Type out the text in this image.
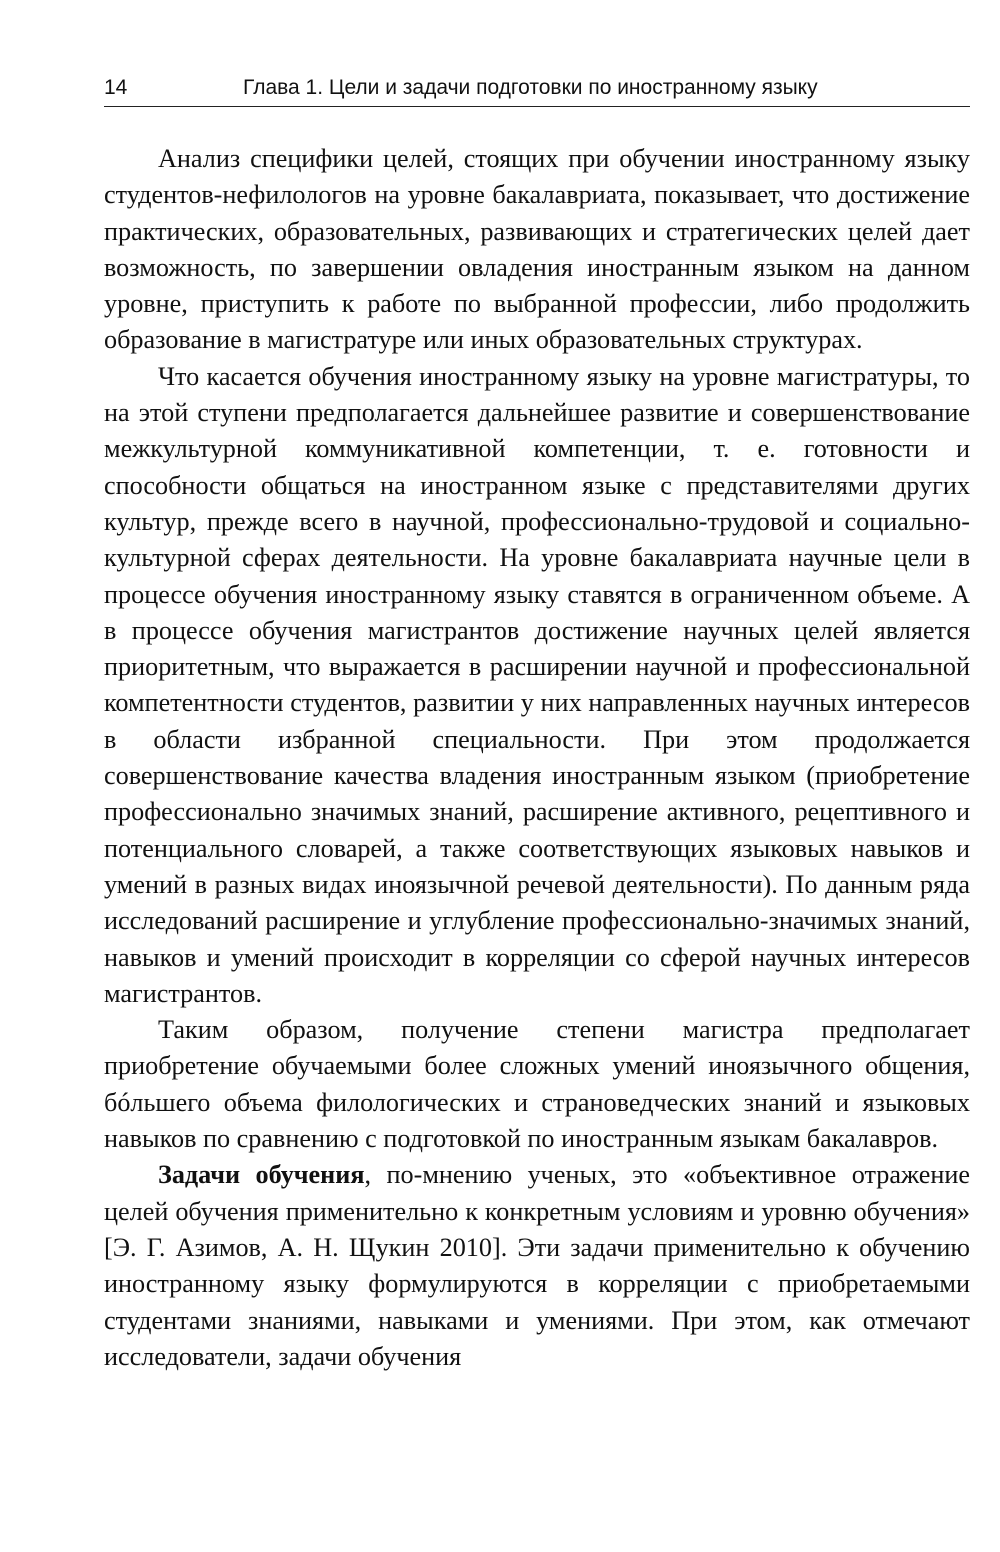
14	Глава 1. Цели и задачи подготовки по иностранному языку

Анализ специфики целей, стоящих при обучении иностранному языку студентов-нефилологов на уровне бакалавриата, показывает, что достижение практических, образовательных, развивающих и стратегических целей дает возможность, по завершении овладения иностранным языком на данном уровне, приступить к работе по выбранной профессии, либо продолжить образование в магистратуре или иных образовательных структурах.

Что касается обучения иностранному языку на уровне магистратуры, то на этой ступени предполагается дальнейшее развитие и совершенствование межкультурной коммуникативной компетенции, т. е. готовности и способности общаться на иностранном языке с представителями других культур, прежде всего в научной, профессионально-трудовой и социально-культурной сферах деятельности. На уровне бакалавриата научные цели в процессе обучения иностранному языку ставятся в ограниченном объеме. А в процессе обучения магистрантов достижение научных целей является приоритетным, что выражается в расширении научной и профессиональной компетентности студентов, развитии у них направленных научных интересов в области избранной специальности. При этом продолжается совершенствование качества владения иностранным языком (приобретение профессионально значимых знаний, расширение активного, рецептивного и потенциального словарей, а также соответствующих языковых навыков и умений в разных видах иноязычной речевой деятельности). По данным ряда исследований расширение и углубление профессионально-значимых знаний, навыков и умений происходит в корреляции со сферой научных интересов магистрантов.

Таким образом, получение степени магистра предполагает приобретение обучаемыми более сложных умений иноязычного общения, бóльшего объема филологических и страноведческих знаний и языковых навыков по сравнению с подготовкой по иностранным языкам бакалавров.

Задачи обучения, по-мнению ученых, это «объективное отражение целей обучения применительно к конкретным условиям и уровню обучения» [Э. Г. Азимов, А. Н. Щукин 2010]. Эти задачи применительно к обучению иностранному языку формулируются в корреляции с приобретаемыми студентами знаниями, навыками и умениями. При этом, как отмечают исследователи, задачи обучения
